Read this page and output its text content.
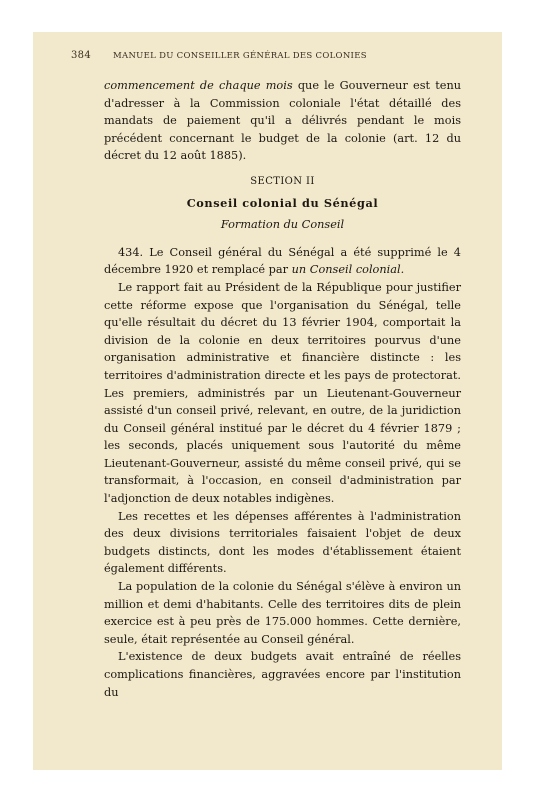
384	MANUEL DU CONSEILLER GÉNÉRAL DES COLONIES

commencement de chaque mois que le Gouverneur est tenu d'adresser à la Commission coloniale l'état détaillé des mandats de paiement qu'il a délivrés pendant le mois précédent concernant le budget de la colonie (art. 12 du décret du 12 août 1885).

SECTION II

Conseil colonial du Sénégal

Formation du Conseil

434. Le Conseil général du Sénégal a été supprimé le 4 décembre 1920 et remplacé par un Conseil colonial.

Le rapport fait au Président de la République pour justifier cette réforme expose que l'organisation du Sénégal, telle qu'elle résultait du décret du 13 février 1904, comportait la division de la colonie en deux territoires pourvus d'une organisation administrative et financière distincte : les territoires d'administration directe et les pays de protectorat. Les premiers, administrés par un Lieutenant-Gouverneur assisté d'un conseil privé, relevant, en outre, de la juridiction du Conseil général institué par le décret du 4 février 1879 ; les seconds, placés uniquement sous l'autorité du même Lieutenant-Gouverneur, assisté du même conseil privé, qui se transformait, à l'occasion, en conseil d'administration par l'adjonction de deux notables indigènes.

Les recettes et les dépenses afférentes à l'administration des deux divisions territoriales faisaient l'objet de deux budgets distincts, dont les modes d'établissement étaient également différents.

La population de la colonie du Sénégal s'élève à environ un million et demi d'habitants. Celle des territoires dits de plein exercice est à peu près de 175.000 hommes. Cette dernière, seule, était représentée au Conseil général.

L'existence de deux budgets avait entraîné de réelles complications financières, aggravées encore par l'institution du
